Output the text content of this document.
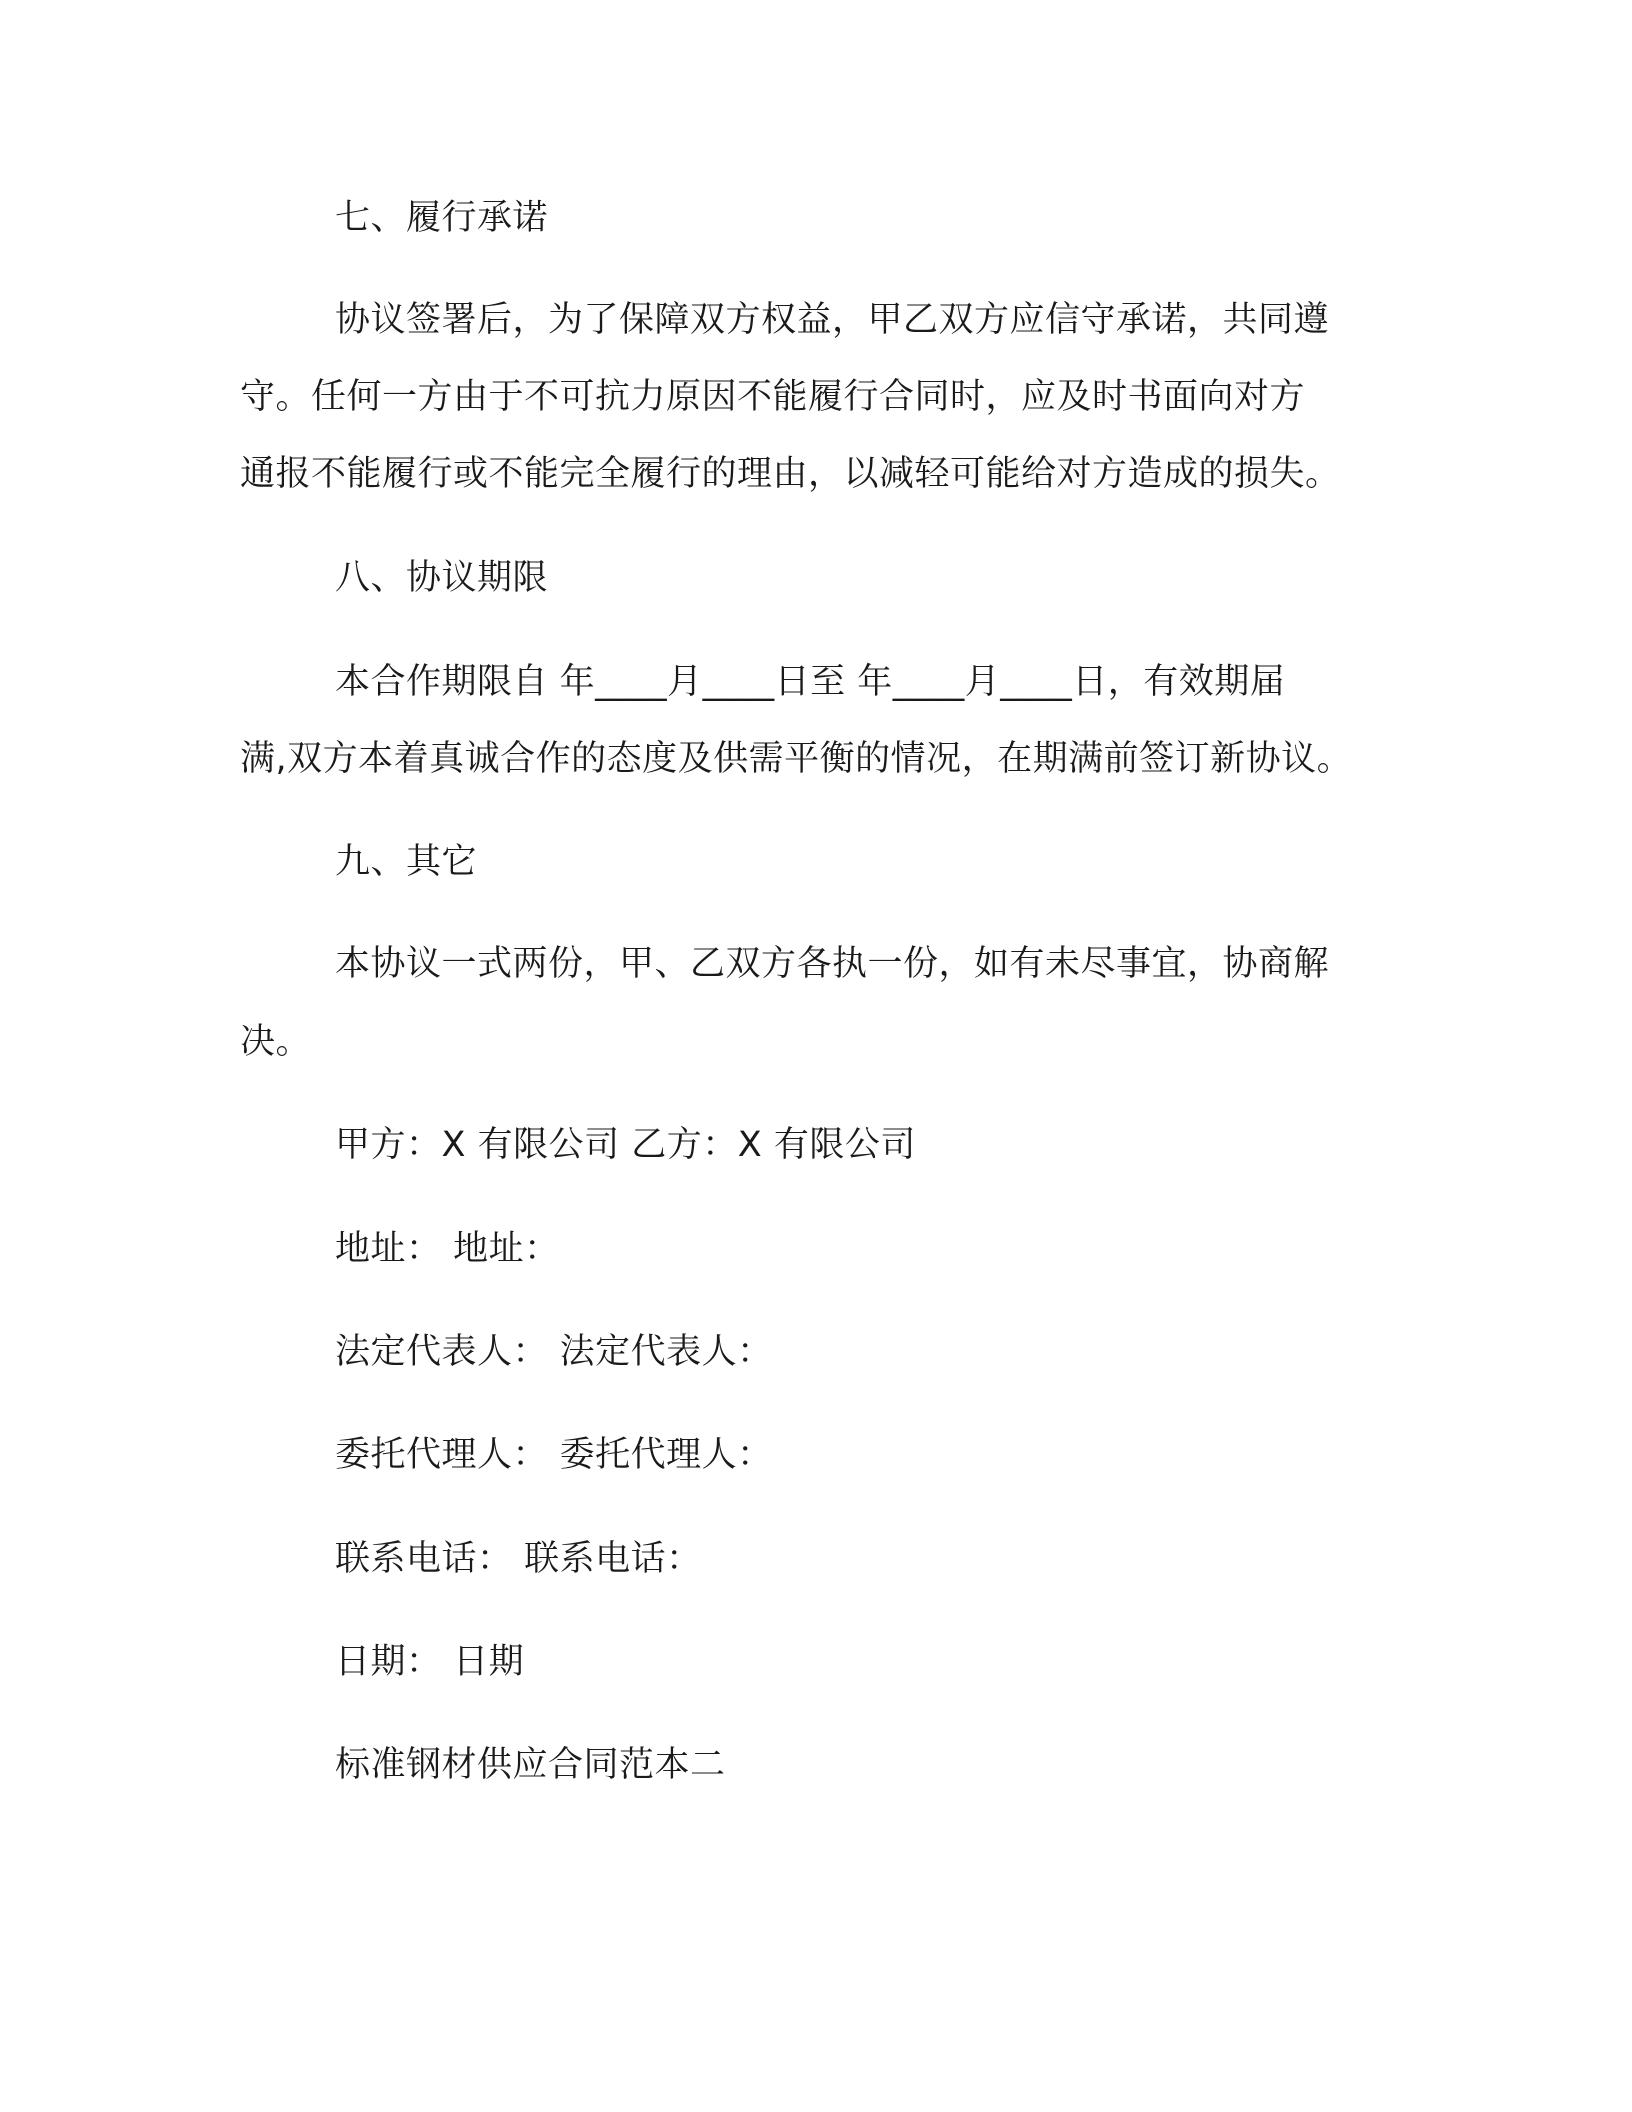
七、履行承诺
协议签署后，为了保障双方权益，甲乙双方应信守承诺，共同遵
守。任何一方由于不可抗力原因不能履行合同时，应及时书面向对方
通报不能履行或不能完全履行的理由，以减轻可能给对方造成的损失。
八、协议期限
本合作期限自 年____月____日至 年____月____日，有效期届
满,双方本着真诚合作的态度及供需平衡的情况，在期满前签订新协议。
九、其它
本协议一式两份，甲、乙双方各执一份，如有未尽事宜，协商解
决。
甲方：X 有限公司 乙方：X 有限公司
地址： 地址：
法定代表人： 法定代表人：
委托代理人： 委托代理人：
联系电话： 联系电话：
日期： 日期
标准钢材供应合同范本二
